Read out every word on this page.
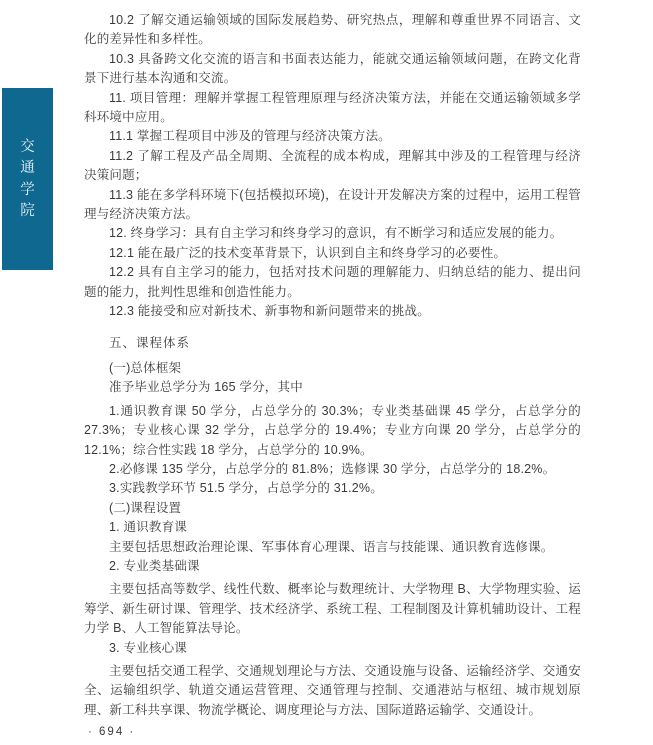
交
通
学
院

10.2 了解交通运输领域的国际发展趋势、研究热点，理解和尊重世界不同语言、文化的差异性和多样性。

10.3 具备跨文化交流的语言和书面表达能力，能就交通运输领域问题，在跨文化背景下进行基本沟通和交流。

11. 项目管理：理解并掌握工程管理原理与经济决策方法，并能在交通运输领域多学科环境中应用。

11.1 掌握工程项目中涉及的管理与经济决策方法。

11.2 了解工程及产品全周期、全流程的成本构成，理解其中涉及的工程管理与经济决策问题；

11.3 能在多学科环境下(包括模拟环境)，在设计开发解决方案的过程中，运用工程管理与经济决策方法。

12. 终身学习：具有自主学习和终身学习的意识，有不断学习和适应发展的能力。

12.1 能在最广泛的技术变革背景下，认识到自主和终身学习的必要性。

12.2 具有自主学习的能力，包括对技术问题的理解能力、归纳总结的能力、提出问题的能力，批判性思维和创造性能力。

12.3 能接受和应对新技术、新事物和新问题带来的挑战。

五、课程体系

(一)总体框架

准予毕业总学分为 165 学分，其中

1.通识教育课 50 学分，占总学分的 30.3%；专业类基础课 45 学分，占总学分的 27.3%；专业核心课 32 学分，占总学分的 19.4%；专业方向课 20 学分，占总学分的 12.1%；综合性实践 18 学分，占总学分的 10.9%。

2.必修课 135 学分，占总学分的 81.8%；选修课 30 学分，占总学分的 18.2%。

3.实践教学环节 51.5 学分，占总学分的 31.2%。

(二)课程设置

1. 通识教育课

主要包括思想政治理论课、军事体育心理课、语言与技能课、通识教育选修课。

2. 专业类基础课

主要包括高等数学、线性代数、概率论与数理统计、大学物理 B、大学物理实验、运筹学、新生研讨课、管理学、技术经济学、系统工程、工程制图及计算机辅助设计、工程力学 B、人工智能算法导论。

3. 专业核心课

主要包括交通工程学、交通规划理论与方法、交通设施与设备、运输经济学、交通安全、运输组织学、轨道交通运营管理、交通管理与控制、交通港站与枢纽、城市规划原理、新工科共享课、物流学概论、调度理论与方法、国际道路运输学、交通设计。

· 694 ·
